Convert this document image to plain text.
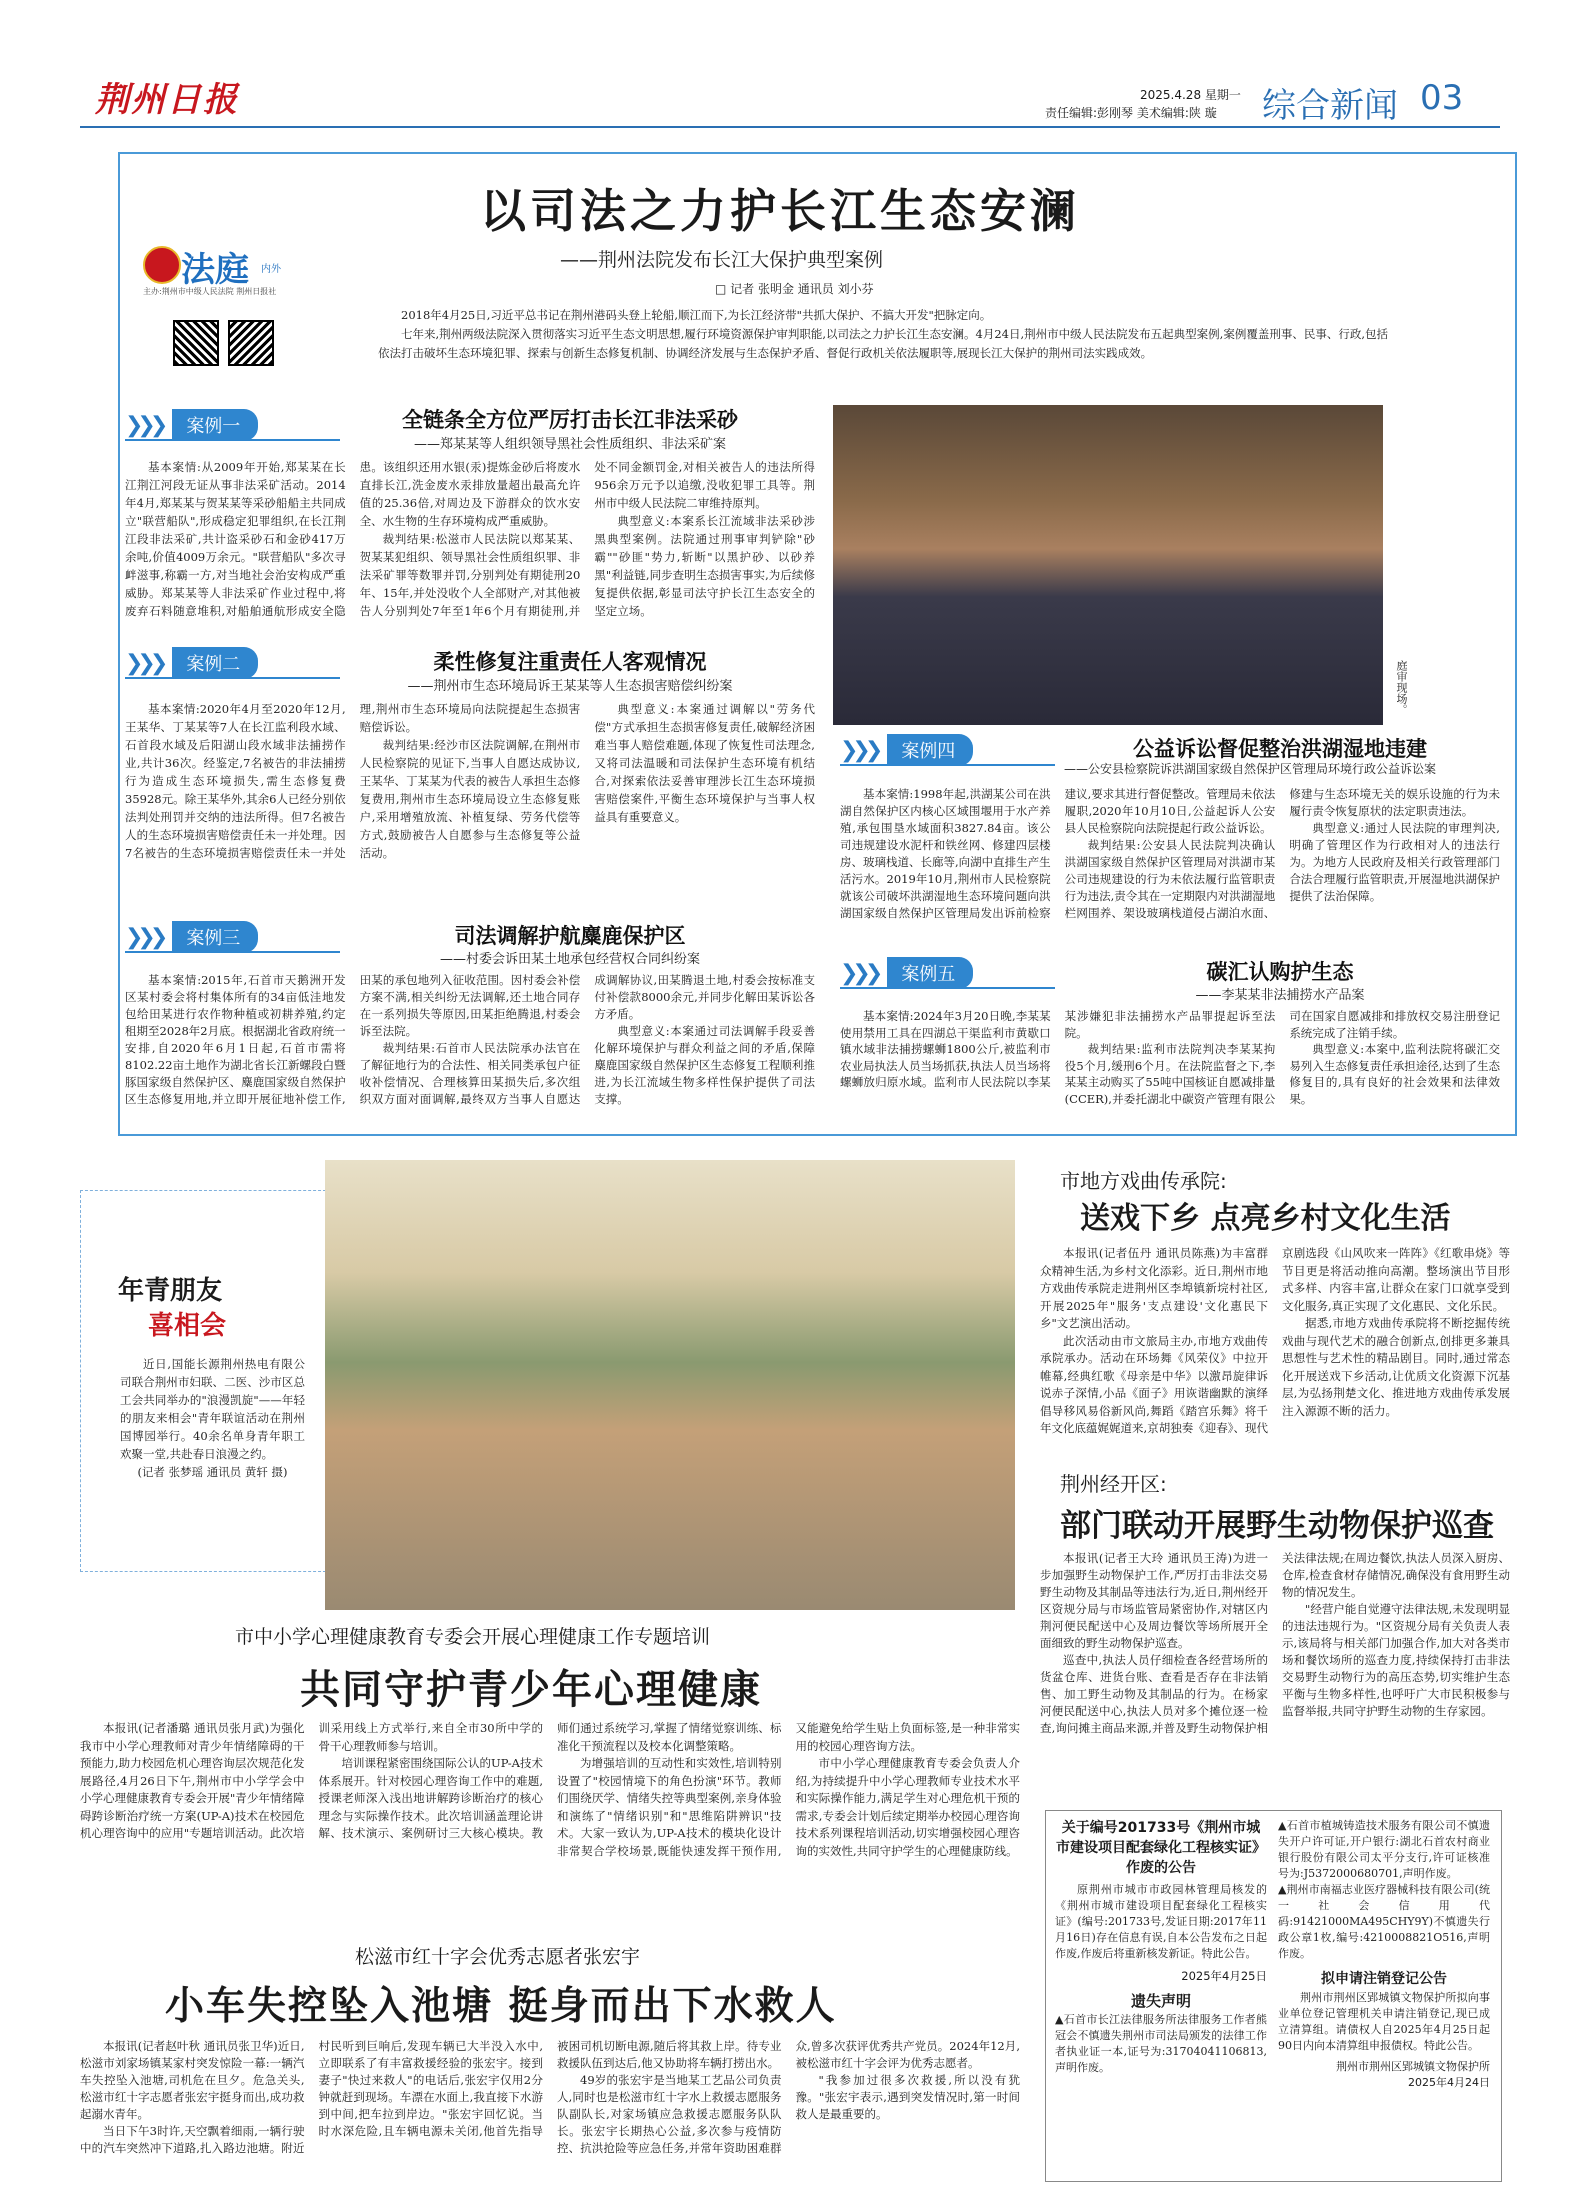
荆州日报	2025.4.28 星期一
责任编辑:彭刚琴 美术编辑:陕 璇 综合新闻 03
法庭 内外
主办:荆州市中级人民法院 荆州日报社
以司法之力护长江生态安澜
——荆州法院发布长江大保护典型案例
□ 记者 张明金 通讯员 刘小芬

2018年4月25日,习近平总书记在荆州港码头登上轮船,顺江而下,为长江经济带"共抓大保护、不搞大开发"把脉定向。

七年来,荆州两级法院深入贯彻落实习近平生态文明思想,履行环境资源保护审判职能,以司法之力护长江生态安澜。4月24日,荆州市中级人民法院发布五起典型案例,案例覆盖刑事、民事、行政,包括依法打击破坏生态环境犯罪、探索与创新生态修复机制、协调经济发展与生态保护矛盾、督促行政机关依法履职等,展现长江大保护的荆州司法实践成效。

❯❯❯	案例一	全链条全方位严厉打击长江非法采砂
——郑某某等人组织领导黑社会性质组织、非法采矿案

基本案情:从2009年开始,郑某某在长江荆江河段无证从事非法采矿活动。2014年4月,郑某某与贺某某等采砂船船主共同成立"联营船队",形成稳定犯罪组织,在长江荆江段非法采矿,共计盗采砂石和金砂417万余吨,价值4009万余元。"联营船队"多次寻衅滋事,称霸一方,对当地社会治安构成严重威胁。郑某某等人非法采矿作业过程中,将废弃石料随意堆积,对船舶通航形成安全隐患。该组织还用水银(汞)提炼金砂后将废水直排长江,洗金废水汞排放量超出最高允许值的25.36倍,对周边及下游群众的饮水安全、水生物的生存环境构成严重威胁。

裁判结果:松滋市人民法院以郑某某、贺某某犯组织、领导黑社会性质组织罪、非法采矿罪等数罪并罚,分别判处有期徒刑20年、15年,并处没收个人全部财产,对其他被告人分别判处7年至1年6个月有期徒刑,并处不同金额罚金,对相关被告人的违法所得956余万元予以追缴,没收犯罪工具等。荆州市中级人民法院二审维持原判。

典型意义:本案系长江流域非法采砂涉黑典型案例。法院通过刑事审判铲除"砂霸""砂匪"势力,斩断"以黑护砂、以砂养黑"利益链,同步查明生态损害事实,为后续修复提供依据,彰显司法守护长江生态安全的坚定立场。

庭审现场。
❯❯❯	案例二	柔性修复注重责任人客观情况
——荆州市生态环境局诉王某某等人生态损害赔偿纠纷案

基本案情:2020年4月至2020年12月,王某华、丁某某等7人在长江监利段水域、石首段水域及后阳湖山段水域非法捕捞作业,共计36次。经鉴定,7名被告的非法捕捞行为造成生态环境损失,需生态修复费35928元。除王某华外,其余6人已经分别依法判处刑罚并交纳的违法所得。但7名被告人的生态环境损害赔偿责任未一并处理。因7名被告的生态环境损害赔偿责任未一并处理,荆州市生态环境局向法院提起生态损害赔偿诉讼。

裁判结果:经沙市区法院调解,在荆州市人民检察院的见证下,当事人自愿达成协议,王某华、丁某某为代表的被告人承担生态修复费用,荆州市生态环境局设立生态修复账户,采用增殖放流、补植复绿、劳务代偿等方式,鼓励被告人自愿参与生态修复等公益活动。

典型意义:本案通过调解以"劳务代偿"方式承担生态损害修复责任,破解经济困难当事人赔偿难题,体现了恢复性司法理念,又将司法温暖和司法保护生态环境有机结合,对探索依法妥善审理涉长江生态环境损害赔偿案件,平衡生态环境保护与当事人权益具有重要意义。

❯❯❯	案例三	司法调解护航麋鹿保护区
——村委会诉田某土地承包经营权合同纠纷案

基本案情:2015年,石首市天鹅洲开发区某村委会将村集体所有的34亩低洼地发包给田某进行农作物种植或初耕养殖,约定租期至2028年2月底。根据湖北省政府统一安排,自2020年6月1日起,石首市需将8102.22亩土地作为湖北省长江新螺段白暨豚国家级自然保护区、麋鹿国家级自然保护区生态修复用地,并立即开展征地补偿工作,田某的承包地列入征收范围。因村委会补偿方案不满,相关纠纷无法调解,还土地合同存在一系列损失等原因,田某拒绝腾退,村委会诉至法院。

裁判结果:石首市人民法院承办法官在了解征地行为的合法性、相关同类承包户征收补偿情况、合理核算田某损失后,多次组织双方面对面调解,最终双方当事人自愿达成调解协议,田某腾退土地,村委会按标准支付补偿款8000余元,并同步化解田某诉讼各方矛盾。

典型意义:本案通过司法调解手段妥善化解环境保护与群众利益之间的矛盾,保障麋鹿国家级自然保护区生态修复工程顺利推进,为长江流域生物多样性保护提供了司法支撑。

❯❯❯	案例四	公益诉讼督促整治洪湖湿地违建
——公安县检察院诉洪湖国家级自然保护区管理局环境行政公益诉讼案

基本案情:1998年起,洪湖某公司在洪湖自然保护区内核心区域围堰用于水产养殖,承包围垦水域面积3827.84亩。该公司违规建设水泥杆和铁丝网、修建四层楼房、玻璃栈道、长廊等,向湖中直排生产生活污水。2019年10月,荆州市人民检察院就该公司破坏洪湖湿地生态环境问题向洪湖国家级自然保护区管理局发出诉前检察建议,要求其进行督促整改。管理局未依法履职,2020年10月10日,公益起诉人公安县人民检察院向法院提起行政公益诉讼。

裁判结果:公安县人民法院判决确认洪湖国家级自然保护区管理局对洪湖市某公司违规建设的行为未依法履行监管职责行为违法,责令其在一定期限内对洪湖湿地栏网围养、架设玻璃栈道侵占湖泊水面、修建与生态环境无关的娱乐设施的行为未履行责令恢复原状的法定职责违法。

典型意义:通过人民法院的审理判决,明确了管理区作为行政相对人的违法行为。为地方人民政府及相关行政管理部门合法合理履行监管职责,开展湿地洪湖保护提供了法治保障。

❯❯❯	案例五	碳汇认购护生态
——李某某非法捕捞水产品案

基本案情:2024年3月20日晚,李某某使用禁用工具在四湖总干渠监利市黄歇口镇水域非法捕捞螺蛳1800公斤,被监利市农业局执法人员当场抓获,执法人员当场将螺蛳放归原水域。监利市人民法院以李某某涉嫌犯非法捕捞水产品罪提起诉至法院。

裁判结果:监利市法院判决李某某拘役5个月,缓刑6个月。在法院监督之下,李某某主动购买了55吨中国核证自愿减排量(CCER),并委托湖北中碳资产管理有限公司在国家自愿减排和排放权交易注册登记系统完成了注销手续。

典型意义:本案中,监利法院将碳汇交易列入生态修复责任承担途径,达到了生态修复目的,具有良好的社会效果和法律效果。

年青朋友
喜相会

近日,国能长源荆州热电有限公司联合荆州市妇联、二医、沙市区总工会共同举办的"浪漫凯旋"——年轻的朋友来相会"青年联谊活动在荆州国博园举行。40余名单身青年职工欢聚一堂,共赴春日浪漫之约。

(记者 张梦瑶 通讯员 黄轩 摄)
市地方戏曲传承院:
送戏下乡 点亮乡村文化生活

本报讯(记者伍丹 通讯员陈燕)为丰富群众精神生活,为乡村文化添彩。近日,荆州市地方戏曲传承院走进荆州区李埠镇新垸村社区,开展2025年"服务'支点建设'文化惠民下乡"文艺演出活动。

此次活动由市文旅局主办,市地方戏曲传承院承办。活动在环场舞《风荣仪》中拉开帷幕,经典红歌《母亲是中华》以激昂旋律诉说赤子深情,小品《面子》用诙谐幽默的演绎倡导移风易俗新风尚,舞蹈《踏宫乐舞》将千年文化底蕴娓娓道来,京胡独奏《迎春》、现代京剧选段《山风吹来一阵阵》《红歌串烧》等节目更是将活动推向高潮。整场演出节目形式多样、内容丰富,让群众在家门口就享受到文化服务,真正实现了文化惠民、文化乐民。

据悉,市地方戏曲传承院将不断挖掘传统戏曲与现代艺术的融合创新点,创排更多兼具思想性与艺术性的精品剧目。同时,通过常态化开展送戏下乡活动,让优质文化资源下沉基层,为弘扬荆楚文化、推进地方戏曲传承发展注入源源不断的活力。

荆州经开区:
部门联动开展野生动物保护巡查

本报讯(记者王大玲 通讯员王涛)为进一步加强野生动物保护工作,严厉打击非法交易野生动物及其制品等违法行为,近日,荆州经开区资规分局与市场监管局紧密协作,对辖区内荆河便民配送中心及周边餐饮等场所展开全面细致的野生动物保护巡查。

巡查中,执法人员仔细检查各经营场所的货盆仓库、进货台账、查看是否存在非法销售、加工野生动物及其制品的行为。在杨家河便民配送中心,执法人员对多个摊位逐一检查,询问摊主商品来源,并普及野生动物保护相关法律法规;在周边餐饮,执法人员深入厨房、仓库,检查食材存储情况,确保没有食用野生动物的情况发生。

"经营户能自觉遵守法律法规,未发现明显的违法违规行为。"区资规分局有关负责人表示,该局将与相关部门加强合作,加大对各类市场和餐饮场所的巡查力度,持续保持打击非法交易野生动物行为的高压态势,切实维护生态平衡与生物多样性,也呼吁广大市民积极参与监督举报,共同守护野生动物的生存家园。

市中小学心理健康教育专委会开展心理健康工作专题培训
共同守护青少年心理健康

本报讯(记者潘璐 通讯员张月武)为强化我市中小学心理教师对青少年情绪障碍的干预能力,助力校园危机心理咨询层次规范化发展路径,4月26日下午,荆州市中小学学会中小学心理健康教育专委会开展"青少年情绪障碍跨诊断治疗统一方案(UP-A)技术在校园危机心理咨询中的应用"专题培训活动。此次培训采用线上方式举行,来自全市30所中学的骨干心理教师参与培训。

培训课程紧密围绕国际公认的UP-A技术体系展开。针对校园心理咨询工作中的难题,授课老师深入浅出地讲解跨诊断治疗的核心理念与实际操作技术。此次培训涵盖理论讲解、技术演示、案例研讨三大核心模块。教师们通过系统学习,掌握了情绪觉察训练、标准化干预流程以及校本化调整策略。

为增强培训的互动性和实效性,培训特别设置了"校园情境下的角色扮演"环节。教师们围绕厌学、情绪失控等典型案例,亲身体验和演练了"情绪识别"和"思维陷阱辨识"技术。大家一致认为,UP-A技术的模块化设计非常契合学校场景,既能快速发挥干预作用,又能避免给学生贴上负面标签,是一种非常实用的校园心理咨询方法。

市中小学心理健康教育专委会负责人介绍,为持续提升中小学心理教师专业技术水平和实际操作能力,满足学生对心理危机干预的需求,专委会计划后续定期举办校园心理咨询技术系列课程培训活动,切实增强校园心理咨询的实效性,共同守护学生的心理健康防线。

松滋市红十字会优秀志愿者张宏宇
小车失控坠入池塘 挺身而出下水救人

本报讯(记者赵叶秋 通讯员张卫华)近日,松滋市刘家场镇某家村突发惊险一幕:一辆汽车失控坠入池塘,司机危在旦夕。危急关头,松滋市红十字志愿者张宏宇挺身而出,成功救起溺水青年。

当日下午3时许,天空飘着细雨,一辆行驶中的汽车突然冲下道路,扎入路边池塘。附近村民听到巨响后,发现车辆已大半没入水中,立即联系了有丰富救援经验的张宏宇。接到妻子"快过来救人"的电话后,张宏宇仅用2分钟就赶到现场。车漂在水面上,我直接下水游到中间,把车拉到岸边。"张宏宇回忆说。当时水深危险,且车辆电源未关闭,他首先指导被困司机切断电源,随后将其救上岸。待专业救援队伍到达后,他又协助将车辆打捞出水。

49岁的张宏宇是当地某工艺品公司负责人,同时也是松滋市红十字水上救援志愿服务队副队长,对家场镇应急救援志愿服务队队长。张宏宇长期热心公益,多次参与疫情防控、抗洪抢险等应急任务,并常年资助困难群众,曾多次获评优秀共产党员。2024年12月,被松滋市红十字会评为优秀志愿者。

"我参加过很多次救援,所以没有犹豫。"张宏宇表示,遇到突发情况时,第一时间救人是最重要的。

关于编号201733号《荆州市城市建设项目配套绿化工程核实证》作废的公告

原荆州市城市市政园林管理局核发的《荆州市城市建设项目配套绿化工程核实证》(编号:201733号,发证日期:2017年11月16日)存在信息有误,自本公告发布之日起作废,作废后将重新核发新证。特此公告。

2025年4月25日
遗失声明
▲石首市长江法律服务所法律服务工作者熊冠会不慎遗失荆州市司法局颁发的法律工作者执业证一本,证号为:31704041106813,声明作废。
▲石首市植城铸造技术服务有限公司不慎遗失开户许可证,开户银行:湖北石首农村商业银行股份有限公司太平分支行,许可证核准号为:J5372000680701,声明作废。
▲荆州市南福志业医疗器械科技有限公司(统一社会信用代码:91421000MA495CHY9Y)不慎遗失行政公章1枚,编号:4210008821O516,声明作废。
拟申请注销登记公告

荆州市荆州区郢城镇文物保护所拟向事业单位登记管理机关申请注销登记,现已成立清算组。请债权人自2025年4月25日起90日内向本清算组申报债权。特此公告。

荆州市荆州区郢城镇文物保护所
2025年4月24日
